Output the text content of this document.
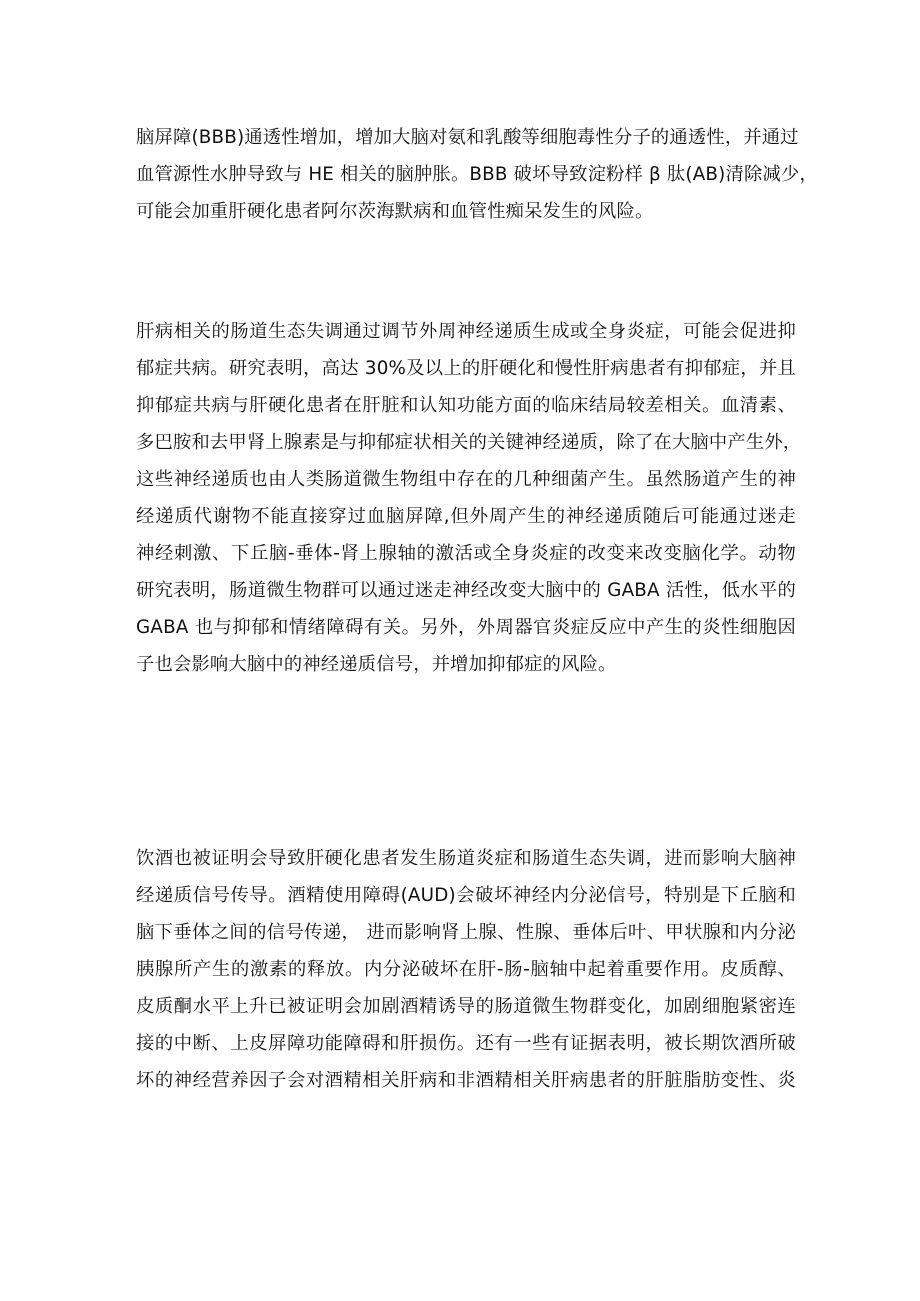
脑屏障(BBB)通透性增加，增加大脑对氨和乳酸等细胞毒性分子的通透性，并通过
血管源性水肿导致与 HE 相关的脑肿胀。BBB 破坏导致淀粉样 β 肽(AB)清除减少，
可能会加重肝硬化患者阿尔茨海默病和血管性痴呆发生的风险。
肝病相关的肠道生态失调通过调节外周神经递质生成或全身炎症，可能会促进抑
郁症共病。研究表明，高达 30%及以上的肝硬化和慢性肝病患者有抑郁症，并且
抑郁症共病与肝硬化患者在肝脏和认知功能方面的临床结局较差相关。血清素、
多巴胺和去甲肾上腺素是与抑郁症状相关的关键神经递质，除了在大脑中产生外，
这些神经递质也由人类肠道微生物组中存在的几种细菌产生。虽然肠道产生的神
经递质代谢物不能直接穿过血脑屏障,但外周产生的神经递质随后可能通过迷走
神经刺激、下丘脑-垂体-肾上腺轴的激活或全身炎症的改变来改变脑化学。动物
研究表明，肠道微生物群可以通过迷走神经改变大脑中的 GABA 活性，低水平的
GABA 也与抑郁和情绪障碍有关。另外，外周器官炎症反应中产生的炎性细胞因
子也会影响大脑中的神经递质信号，并增加抑郁症的风险。
饮酒也被证明会导致肝硬化患者发生肠道炎症和肠道生态失调，进而影响大脑神
经递质信号传导。酒精使用障碍(AUD)会破坏神经内分泌信号，特别是下丘脑和
脑下垂体之间的信号传递， 进而影响肾上腺、性腺、垂体后叶、甲状腺和内分泌
胰腺所产生的激素的释放。内分泌破坏在肝-肠-脑轴中起着重要作用。皮质醇、
皮质酮水平上升已被证明会加剧酒精诱导的肠道微生物群变化，加剧细胞紧密连
接的中断、上皮屏障功能障碍和肝损伤。还有一些有证据表明，被长期饮酒所破
坏的神经营养因子会对酒精相关肝病和非酒精相关肝病患者的肝脏脂肪变性、炎
